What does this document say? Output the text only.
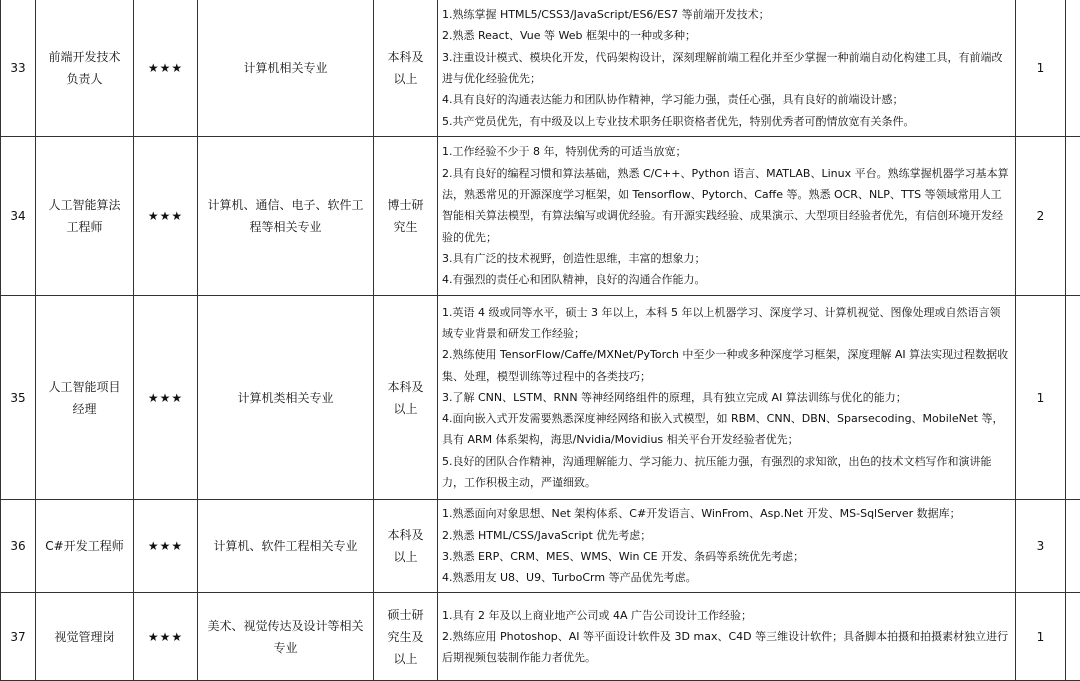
33	前端开发技术负责人	★★★	计算机相关专业	本科及以上	1.熟练掌握 HTML5/CSS3/JavaScript/ES6/ES7 等前端开发技术；
2.熟悉 React、Vue 等 Web 框架中的一种或多种；
3.注重设计模式、模块化开发，代码架构设计，深刻理解前端工程化并至少掌握一种前端自动化构建工具，有前端改进与优化经验优先；
4.具有良好的沟通表达能力和团队协作精神，学习能力强，责任心强，具有良好的前端设计感；
5.共产党员优先，有中级及以上专业技术职务任职资格者优先，特别优秀者可酌情放宽有关条件。	1	
34	人工智能算法工程师	★★★	计算机、通信、电子、软件工程等相关专业	博士研究生	1.工作经验不少于 8 年，特别优秀的可适当放宽；
2.具有良好的编程习惯和算法基础，熟悉 C/C++、Python 语言、MATLAB、Linux 平台。熟练掌握机器学习基本算法，熟悉常见的开源深度学习框架，如 Tensorflow、Pytorch、Caffe 等。熟悉 OCR、NLP、TTS 等领域常用人工智能相关算法模型，有算法编写或调优经验。有开源实践经验、成果演示、大型项目经验者优先，有信创环境开发经验的优先；
3.具有广泛的技术视野，创造性思维，丰富的想象力；
4.有强烈的责任心和团队精神，良好的沟通合作能力。	2	
35	人工智能项目经理	★★★	计算机类相关专业	本科及以上	1.英语 4 级或同等水平，硕士 3 年以上，本科 5 年以上机器学习、深度学习、计算机视觉、图像处理或自然语言领域专业背景和研发工作经验；
2.熟练使用 TensorFlow/Caffe/MXNet/PyTorch 中至少一种或多种深度学习框架，深度理解 AI 算法实现过程数据收集、处理，模型训练等过程中的各类技巧；
3.了解 CNN、LSTM、RNN 等神经网络组件的原理，具有独立完成 AI 算法训练与优化的能力；
4.面向嵌入式开发需要熟悉深度神经网络和嵌入式模型，如 RBM、CNN、DBN、Sparsecoding、MobileNet 等，具有 ARM 体系架构，海思/Nvidia/Movidius 相关平台开发经验者优先；
5.良好的团队合作精神，沟通理解能力、学习能力、抗压能力强，有强烈的求知欲，出色的技术文档写作和演讲能力，工作积极主动，严谨细致。	1	
36	C#开发工程师	★★★	计算机、软件工程相关专业	本科及以上	1.熟悉面向对象思想、Net 架构体系、C#开发语言、WinFrom、Asp.Net 开发、MS-SqlServer 数据库；
2.熟悉 HTML/CSS/JavaScript 优先考虑；
3.熟悉 ERP、CRM、MES、WMS、Win CE 开发、条码等系统优先考虑；
4.熟悉用友 U8、U9、TurboCrm 等产品优先考虑。	3	
37	视觉管理岗	★★★	美术、视觉传达及设计等相关专业	硕士研究生及以上	1.具有 2 年及以上商业地产公司或 4A 广告公司设计工作经验；
2.熟练应用 Photoshop、AI 等平面设计软件及 3D max、C4D 等三维设计软件；具备脚本拍摄和拍摄素材独立进行后期视频包装制作能力者优先。	1	
